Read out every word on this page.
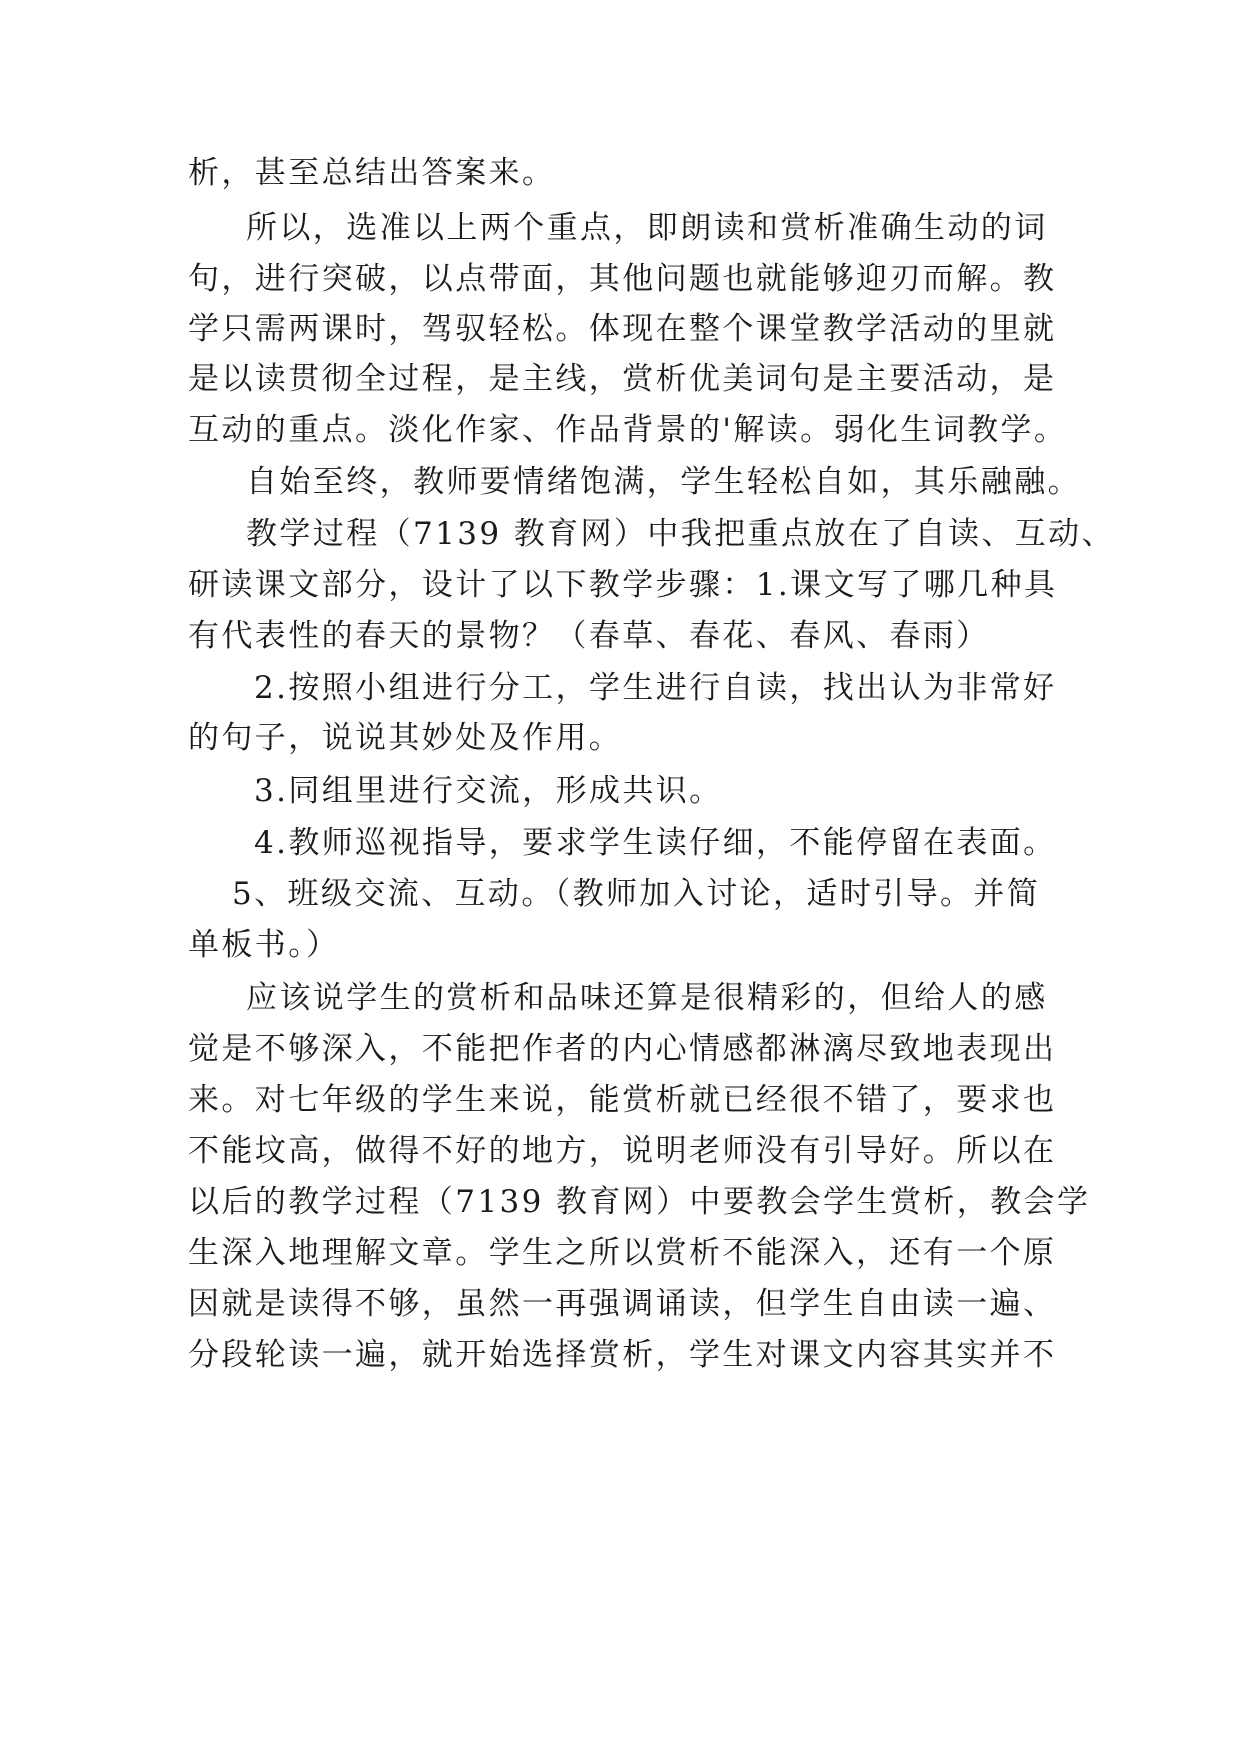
析，甚至总结出答案来。
所以，选准以上两个重点，即朗读和赏析准确生动的词
句，进行突破，以点带面，其他问题也就能够迎刃而解。教
学只需两课时，驾驭轻松。体现在整个课堂教学活动的里就
是以读贯彻全过程，是主线，赏析优美词句是主要活动，是
互动的重点。淡化作家、作品背景的'解读。弱化生词教学。
自始至终，教师要情绪饱满，学生轻松自如，其乐融融。
教学过程（7139 教育网）中我把重点放在了自读、互动、
研读课文部分，设计了以下教学步骤：1.课文写了哪几种具
有代表性的春天的景物？（春草、春花、春风、春雨）
2.按照小组进行分工，学生进行自读，找出认为非常好
的句子，说说其妙处及作用。
3.同组里进行交流，形成共识。
4.教师巡视指导，要求学生读仔细，不能停留在表面。
5、班级交流、互动。（教师加入讨论，适时引导。并简
单板书。）
应该说学生的赏析和品味还算是很精彩的，但给人的感
觉是不够深入，不能把作者的内心情感都淋漓尽致地表现出
来。对七年级的学生来说，能赏析就已经很不错了，要求也
不能坟高，做得不好的地方，说明老师没有引导好。所以在
以后的教学过程（7139 教育网）中要教会学生赏析，教会学
生深入地理解文章。学生之所以赏析不能深入，还有一个原
因就是读得不够，虽然一再强调诵读，但学生自由读一遍、
分段轮读一遍，就开始选择赏析，学生对课文内容其实并不
